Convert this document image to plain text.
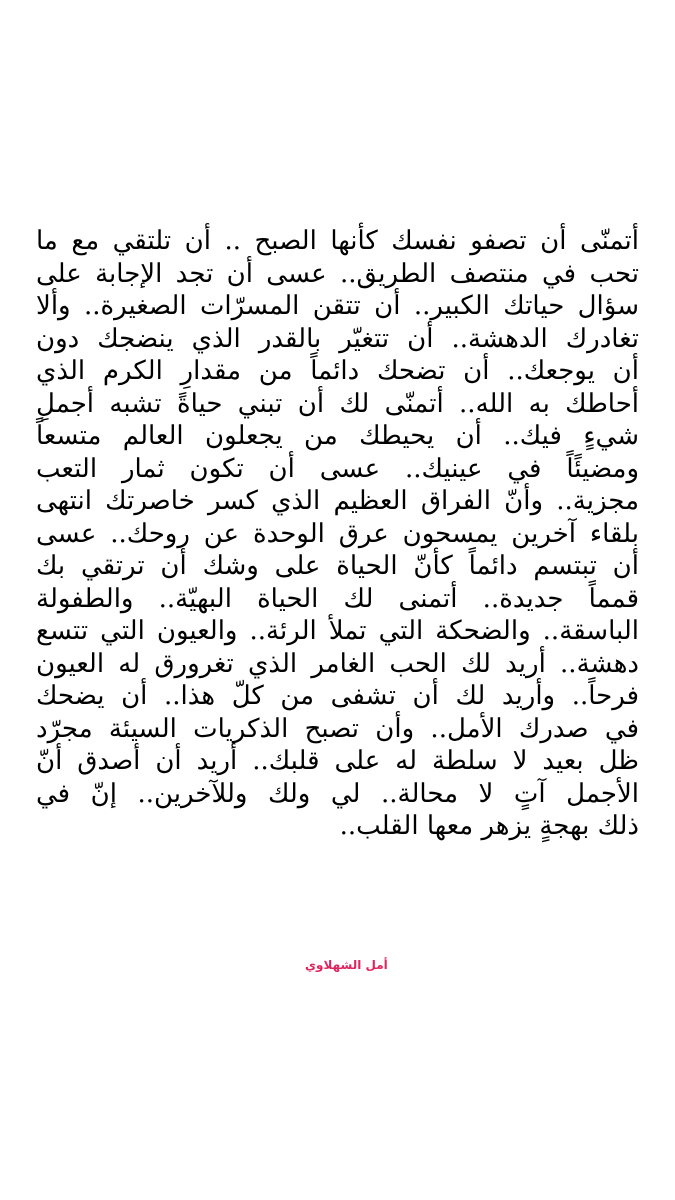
أتمنّى أن تصفو نفسك كأنها الصبح .. أن تلتقي مع ما
تحب في منتصف الطريق.. عسى أن تجد الإجابة على
سؤال حياتك الكبير.. أن تتقن المسرّات الصغيرة.. وألا
تغادرك الدهشة.. أن تتغيّر بالقدر الذي ينضجك دون
أن يوجعك.. أن تضحك دائماً من مقدارِ الكرم الذي
أحاطك به الله.. أتمنّى لك أن تبني حياةً تشبه أجملِ
شيءٍ فيك.. أن يحيطك من يجعلون العالم متسعاً
ومضيئًاً في عينيك.. عسى أن تكون ثمار التعب
مجزية.. وأنّ الفراق العظيم الذي كسر خاصرتك انتهى
بلقاء آخرين يمسحون عرق الوحدة عن روحك.. عسى
أن تبتسم دائماً كأنّ الحياة على وشك أن ترتقي بك
قمماً جديدة.. أتمنى لك الحياة البهيّة.. والطفولة
الباسقة.. والضحكة التي تملأ الرئة.. والعيون التي تتسع
دهشة.. أريد لك الحب الغامر الذي تغرورق له العيون
فرحاً.. وأريد لك أن تشفى من كلّ هذا.. أن يضحك
في صدرك الأمل.. وأن تصبح الذكريات السيئة مجرّد
ظل بعيد لا سلطة له على قلبك.. أريد أن أصدق أنّ
الأجمل آتٍ لا محالة.. لي ولك وللآخرين.. إنّ في
ذلك بهجةٍ يزهر معها القلب..
أمل الشهلاوي
